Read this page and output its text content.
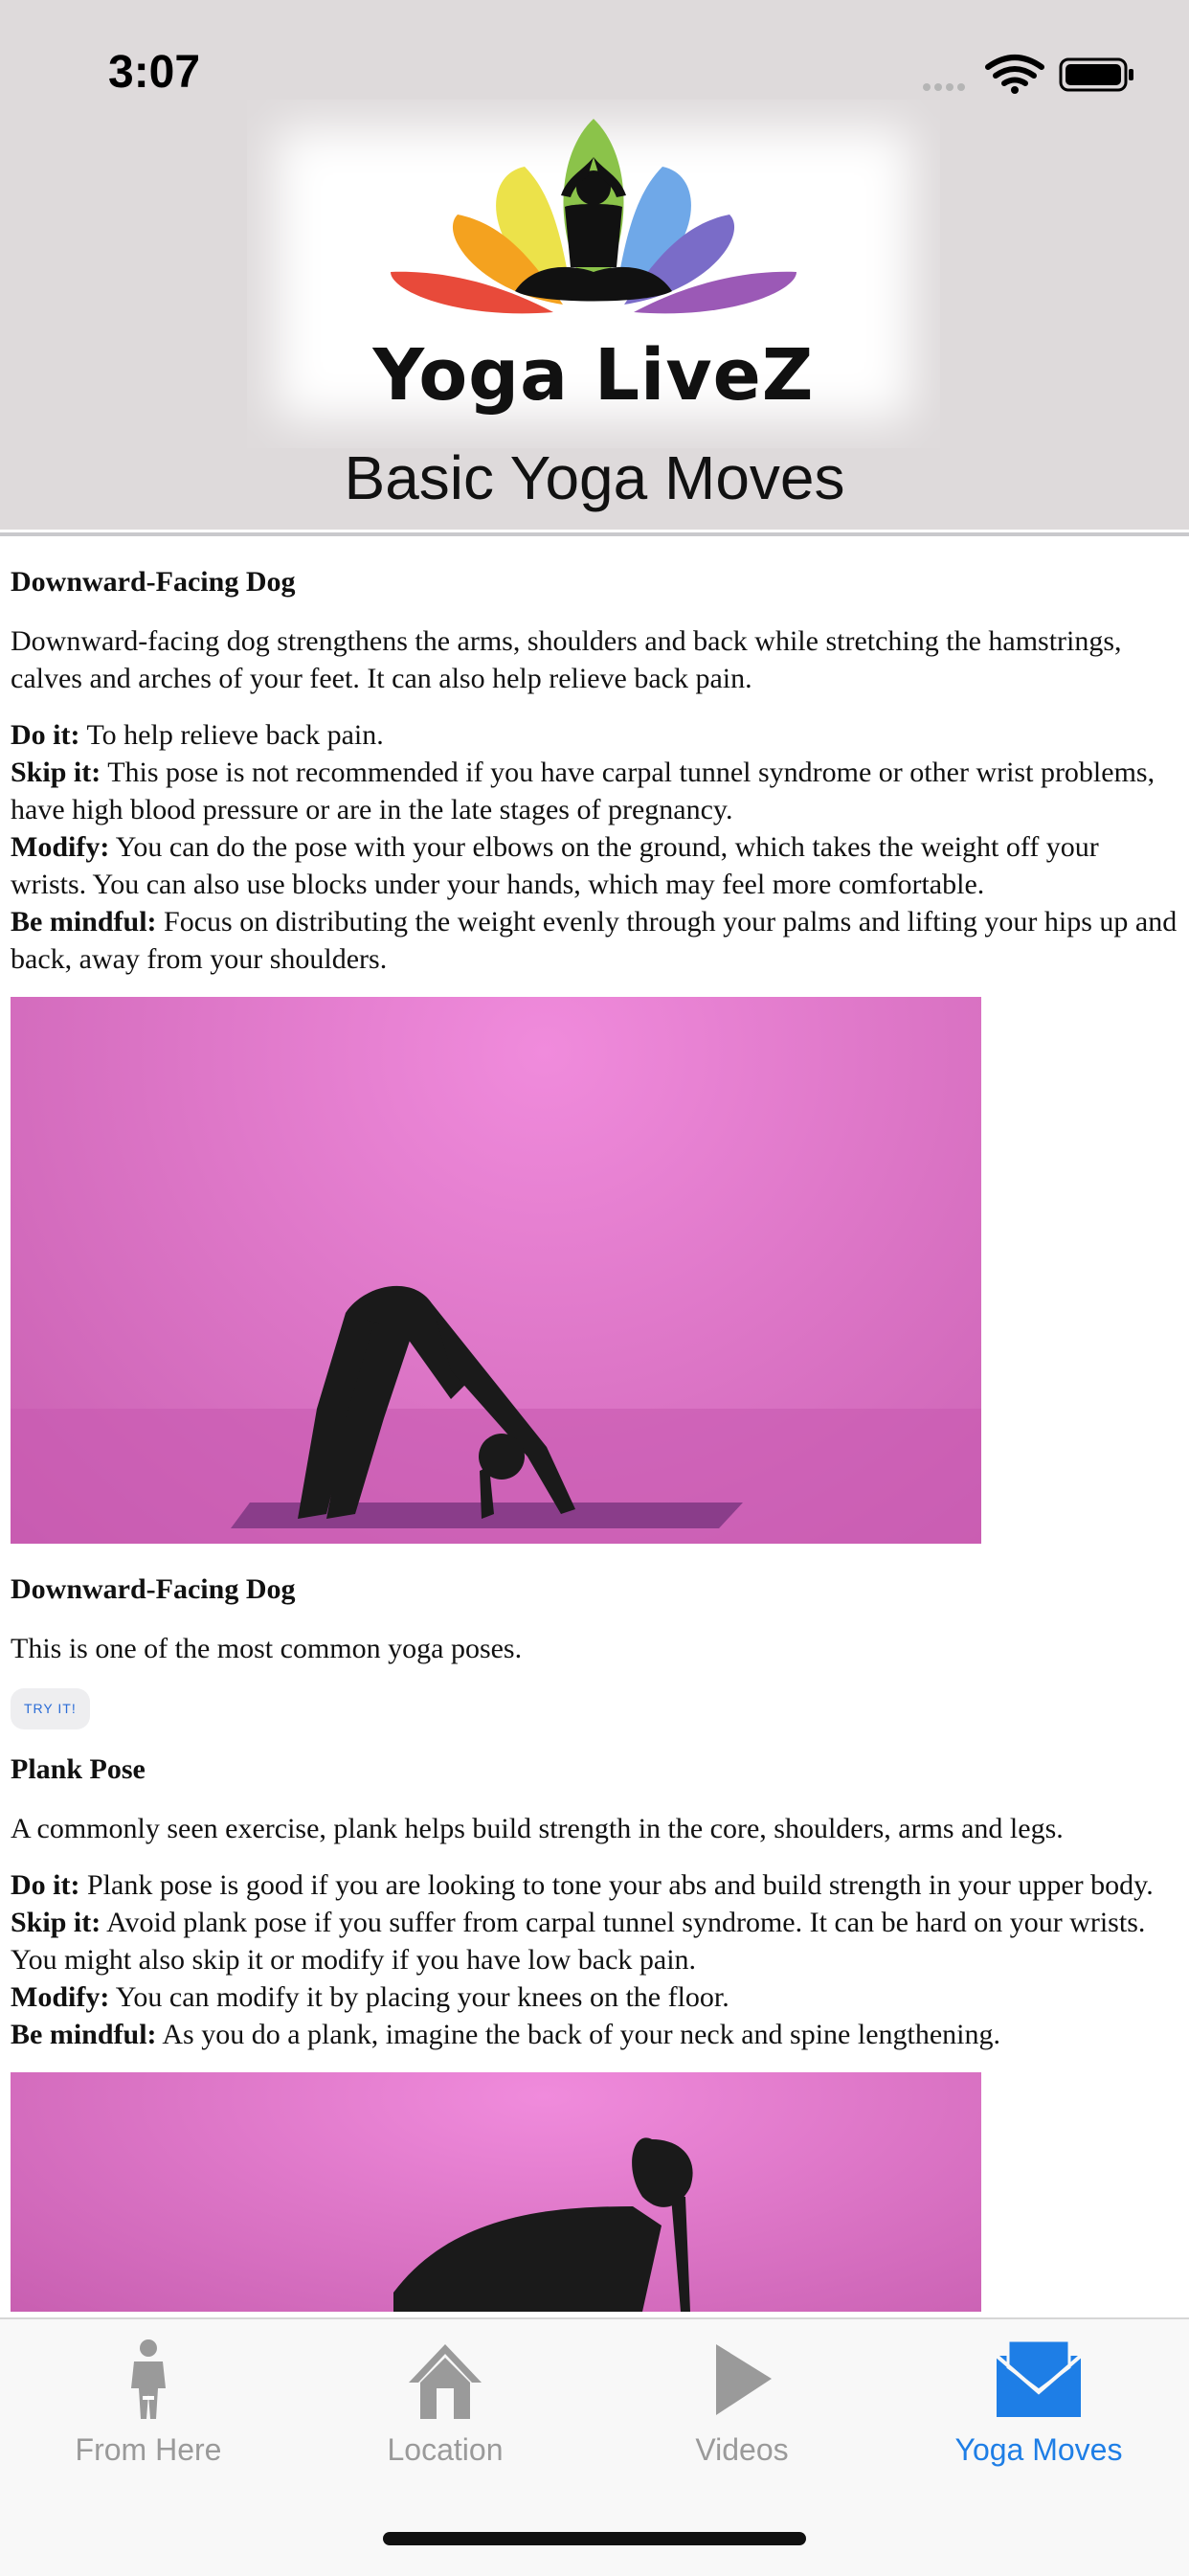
3:07
Yoga LiveZ
Basic Yoga Moves
Downward-Facing Dog

Downward-facing dog strengthens the arms, shoulders and back while stretching the hamstrings, calves and arches of your feet. It can also help relieve back pain.

Do it: To help relieve back pain.

Skip it: This pose is not recommended if you have carpal tunnel syndrome or other wrist problems, have high blood pressure or are in the late stages of pregnancy.

Modify: You can do the pose with your elbows on the ground, which takes the weight off your wrists. You can also use blocks under your hands, which may feel more comfortable.

Be mindful: Focus on distributing the weight evenly through your palms and lifting your hips up and back, away from your shoulders.

Downward-Facing Dog

This is one of the most common yoga poses.

TRY IT!
Plank Pose

A commonly seen exercise, plank helps build strength in the core, shoulders, arms and legs.

Do it: Plank pose is good if you are looking to tone your abs and build strength in your upper body.

Skip it: Avoid plank pose if you suffer from carpal tunnel syndrome. It can be hard on your wrists. You might also skip it or modify if you have low back pain.

Modify: You can modify it by placing your knees on the floor.

Be mindful: As you do a plank, imagine the back of your neck and spine lengthening.

From Here	Location	Videos	Yoga Moves
